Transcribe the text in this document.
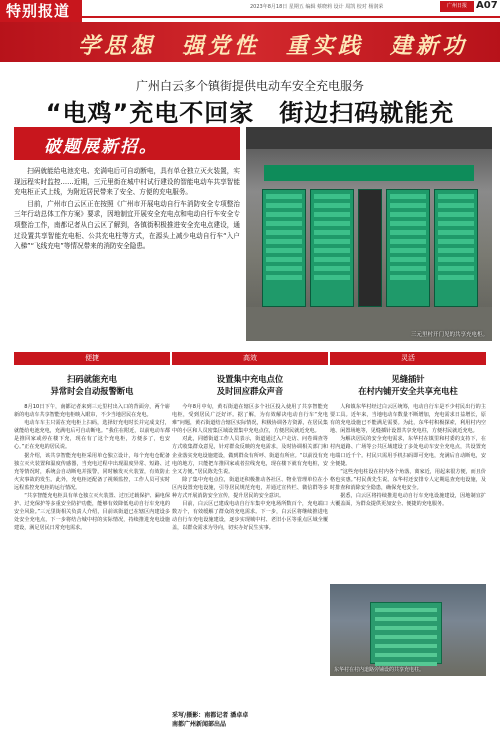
特别报道	2023年8月18日 星期五 编辑 蔡晓莉 设计 周凯 校对 杨润荣	广州日报 A07
学思想　强党性　重实践　建新功
广州白云多个镇街提供电动车安全充电服务
“电鸡”充电不回家　街边扫码就能充
破题展新招。

扫码就能给电池充电、充满电后可自动断电，具有单仓独立灭火装置，实现远程实时监控……近期，三元里街在城中村试行建设的智能电动车共享智能充电柜正式上线，为附近居民带来了安全、方便的充电服务。

目前，广州市白云区正在按照《广州市开展电动自行车消防安全专项整治三年行动总体工作方案》要求，因地制宜开展安全充电点和电动自行车安全专项整治工作，南都记者从白云区了解到，各镇街积极推进安全充电点建设，通过设置共享智能充电柜、公共充电柱等方式，在源头上减少电动自行车“入户入梯”“飞线充电”等情况带来的消防安全隐患。

三元里村开门见的共享充电柜。
便捷
扫码就能充电
异常时会自动报警断电

8月10日下午，南都记者来到三元里村出入口的背面旁，两个崭新的电动车共享智能充电柜映入眼帘，不少当地居民在充电。

电动车车主只需在充电柜上扫码，选择好充电时长并完成支付，就能给电池充电，充满电后可自动断电。“我住在附近，以前电动车都是推回家或停在楼下充，现在有了这个充电柜，方便多了，也安心。”正在充电的居民说。

据介绍，该共享智能充电柜采用单仓独立设计，每个充电仓配备独立灭火装置和温度传感器，当充电过程中出现温度异常、短路、过充等情况时，系统会自动断电并报警，同时触发灭火装置，有效防止火灾事故的发生。此外，充电柜还配备了视频监控，工作人员可实时远程监控充电柜的运行情况。

“共享智能充电柜具有单仓独立灭火装置、过压过载保护、漏电保护、过充保护等多重安全防护功能，能够有效降低电动自行车充电的安全风险。”三元里街相关负责人介绍，目前该街道已在辖区内建设多处安全充电点，下一步将结合城中村的实际情况，持续推进充电设施建设，满足居民日常充电需求。

高效
设置集中充电点位
及时回应群众声音

今年8月中旬，黄石街道在辖区多个社区投入使用了共享智能充电柜，受到居民广泛好评。据了解，为有效解决电动自行车“充电难”问题，黄石街道结合辖区实际情况，积极协调各方资源，在居民集中的小区和人员密集区域设置集中充电点位，方便居民就近充电。

对此，同德街道工作人员表示，街道通过入户走访、问卷调查等方式收集群众意见，针对群众反映的充电需求，及时协调相关部门和企业落实充电设施建设，做到群众有所呼、街道有所应。“以前没有充电的地方，只能把车推回家或者拉线充电，现在楼下就有充电桩，安全又方便。”居民陈先生说。

除了集中充电点位，街道还积极推动各社区、物业管理单位在小区内设置充电设施，引导居民规范充电，并通过宣传栏、微信群等多种方式开展消防安全宣传，提升居民的安全意识。

目前，白云区已建成电动自行车集中充电场所数百个，充电端口数万个，有效缓解了群众的充电需求。下一步，白云区将继续推进电动自行车充电设施建设，逐步实现城中村、老旧小区等重点区域全覆盖，以群众需求为导向，切实办好民生实事。

采写/摄影：南都记者 潘卓卓
南都广州新闻部出品
灵活
见缝插针
在村内铺开安全共享充电柱

人和镇东华村经过白云区统筹，电动自行车是不少村民出行的主要工具。近年来，当地电动车数量不断增加，充电需求日益增长，原有的充电设施已不能满足需要。为此，东华村积极探索，利用村内空地、闲置场地等，见缝插针设置共享充电柱，方便村民就近充电。

为解决居民的安全充电需求，东华村在镇里和村委的支持下，在村内道路、广场等公共区域建设了多处电动车安全充电点，共设置充电端口近千个。村民只需用手机扫码即可充电，充满后自动断电，安全便捷。

“这些充电柱设在村内各个角落，离家近，用起来很方便，而且价格也实惠。”村民黄先生说。东华村还安排专人定期巡查充电设施，及时排查和消除安全隐患，确保充电安全。

据悉，白云区将持续推进电动自行车充电设施建设，因地制宜扩大覆盖面，为群众提供更加安全、便捷的充电服务。

东华村在村内道路旁铺设的共享充电柱。
